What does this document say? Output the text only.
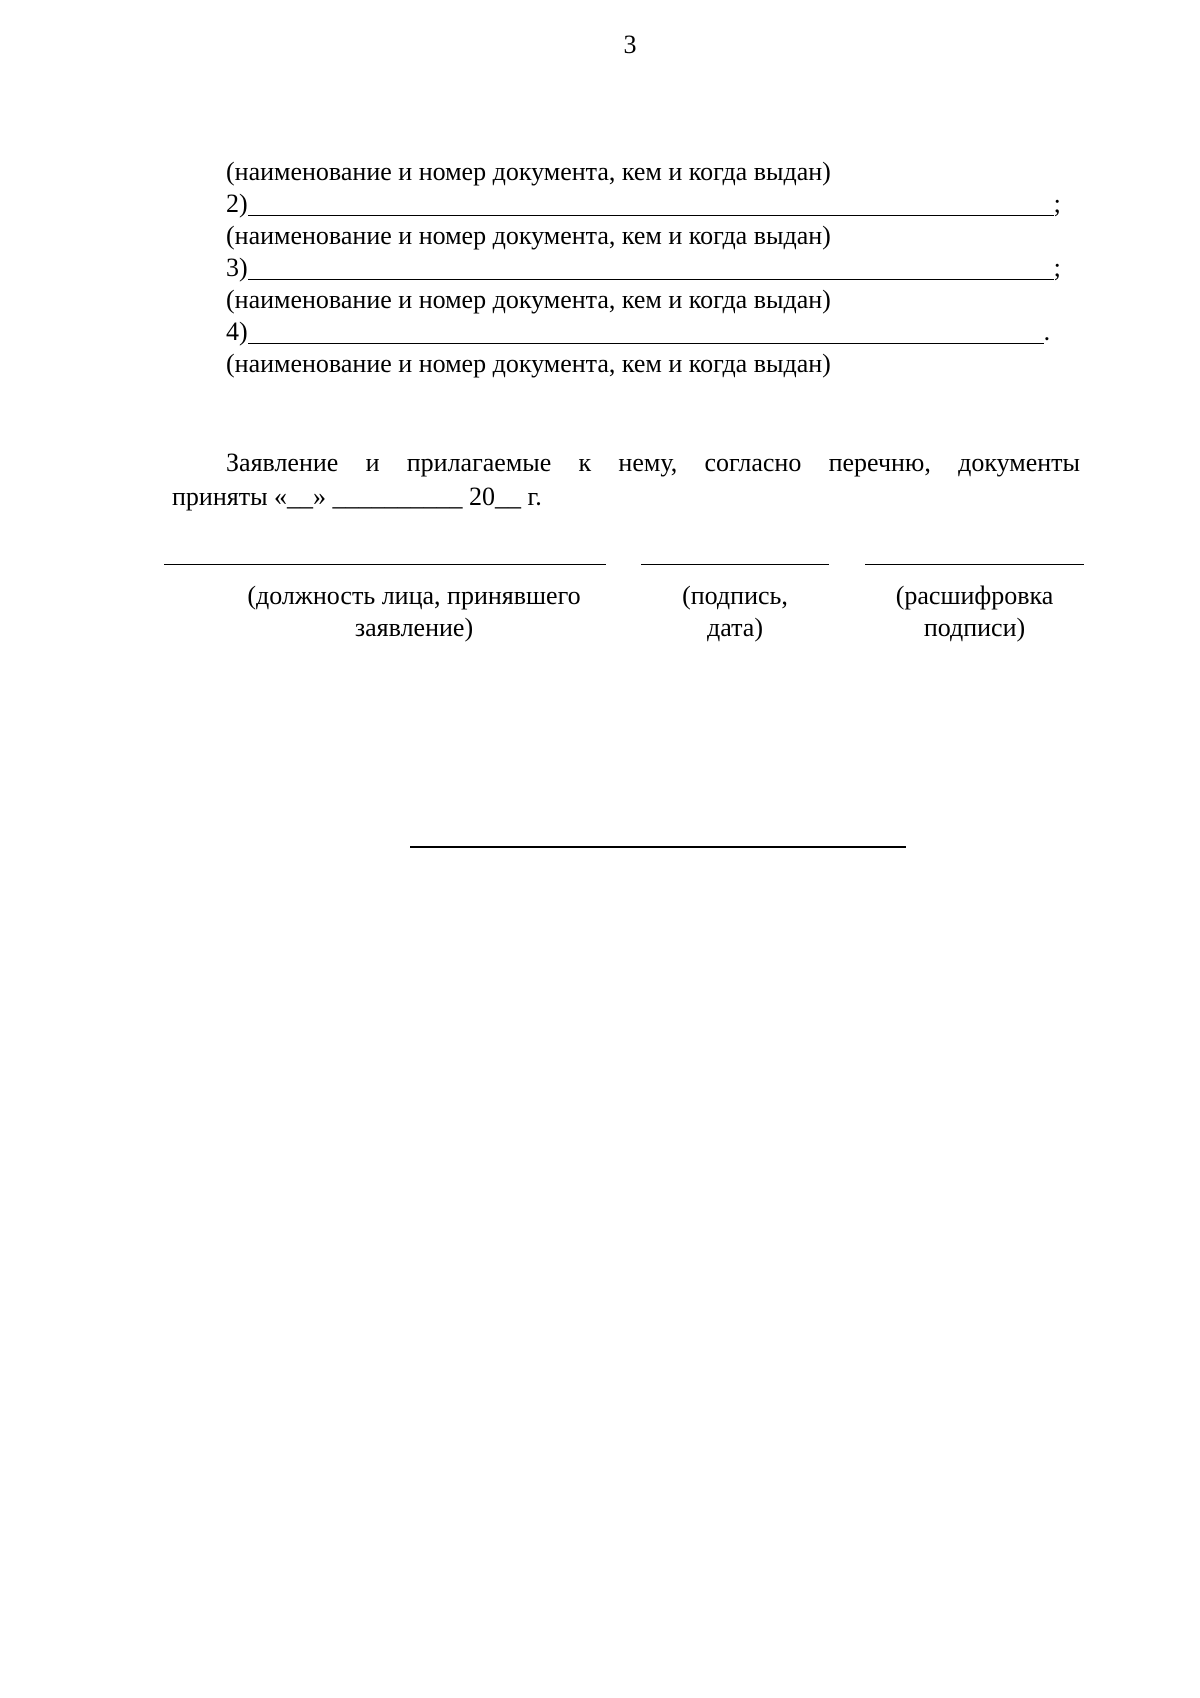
3
(наименование и номер документа, кем и когда выдан)
2)	;
(наименование и номер документа, кем и когда выдан)
3)	;
(наименование и номер документа, кем и когда выдан)
4)	.
(наименование и номер документа, кем и когда выдан)
Заявление и прилагаемые к нему, согласно перечню, документы
приняты «__» __________ 20__ г.
(должность лица, принявшего
заявление)
(подпись,
дата)
(расшифровка
подписи)
